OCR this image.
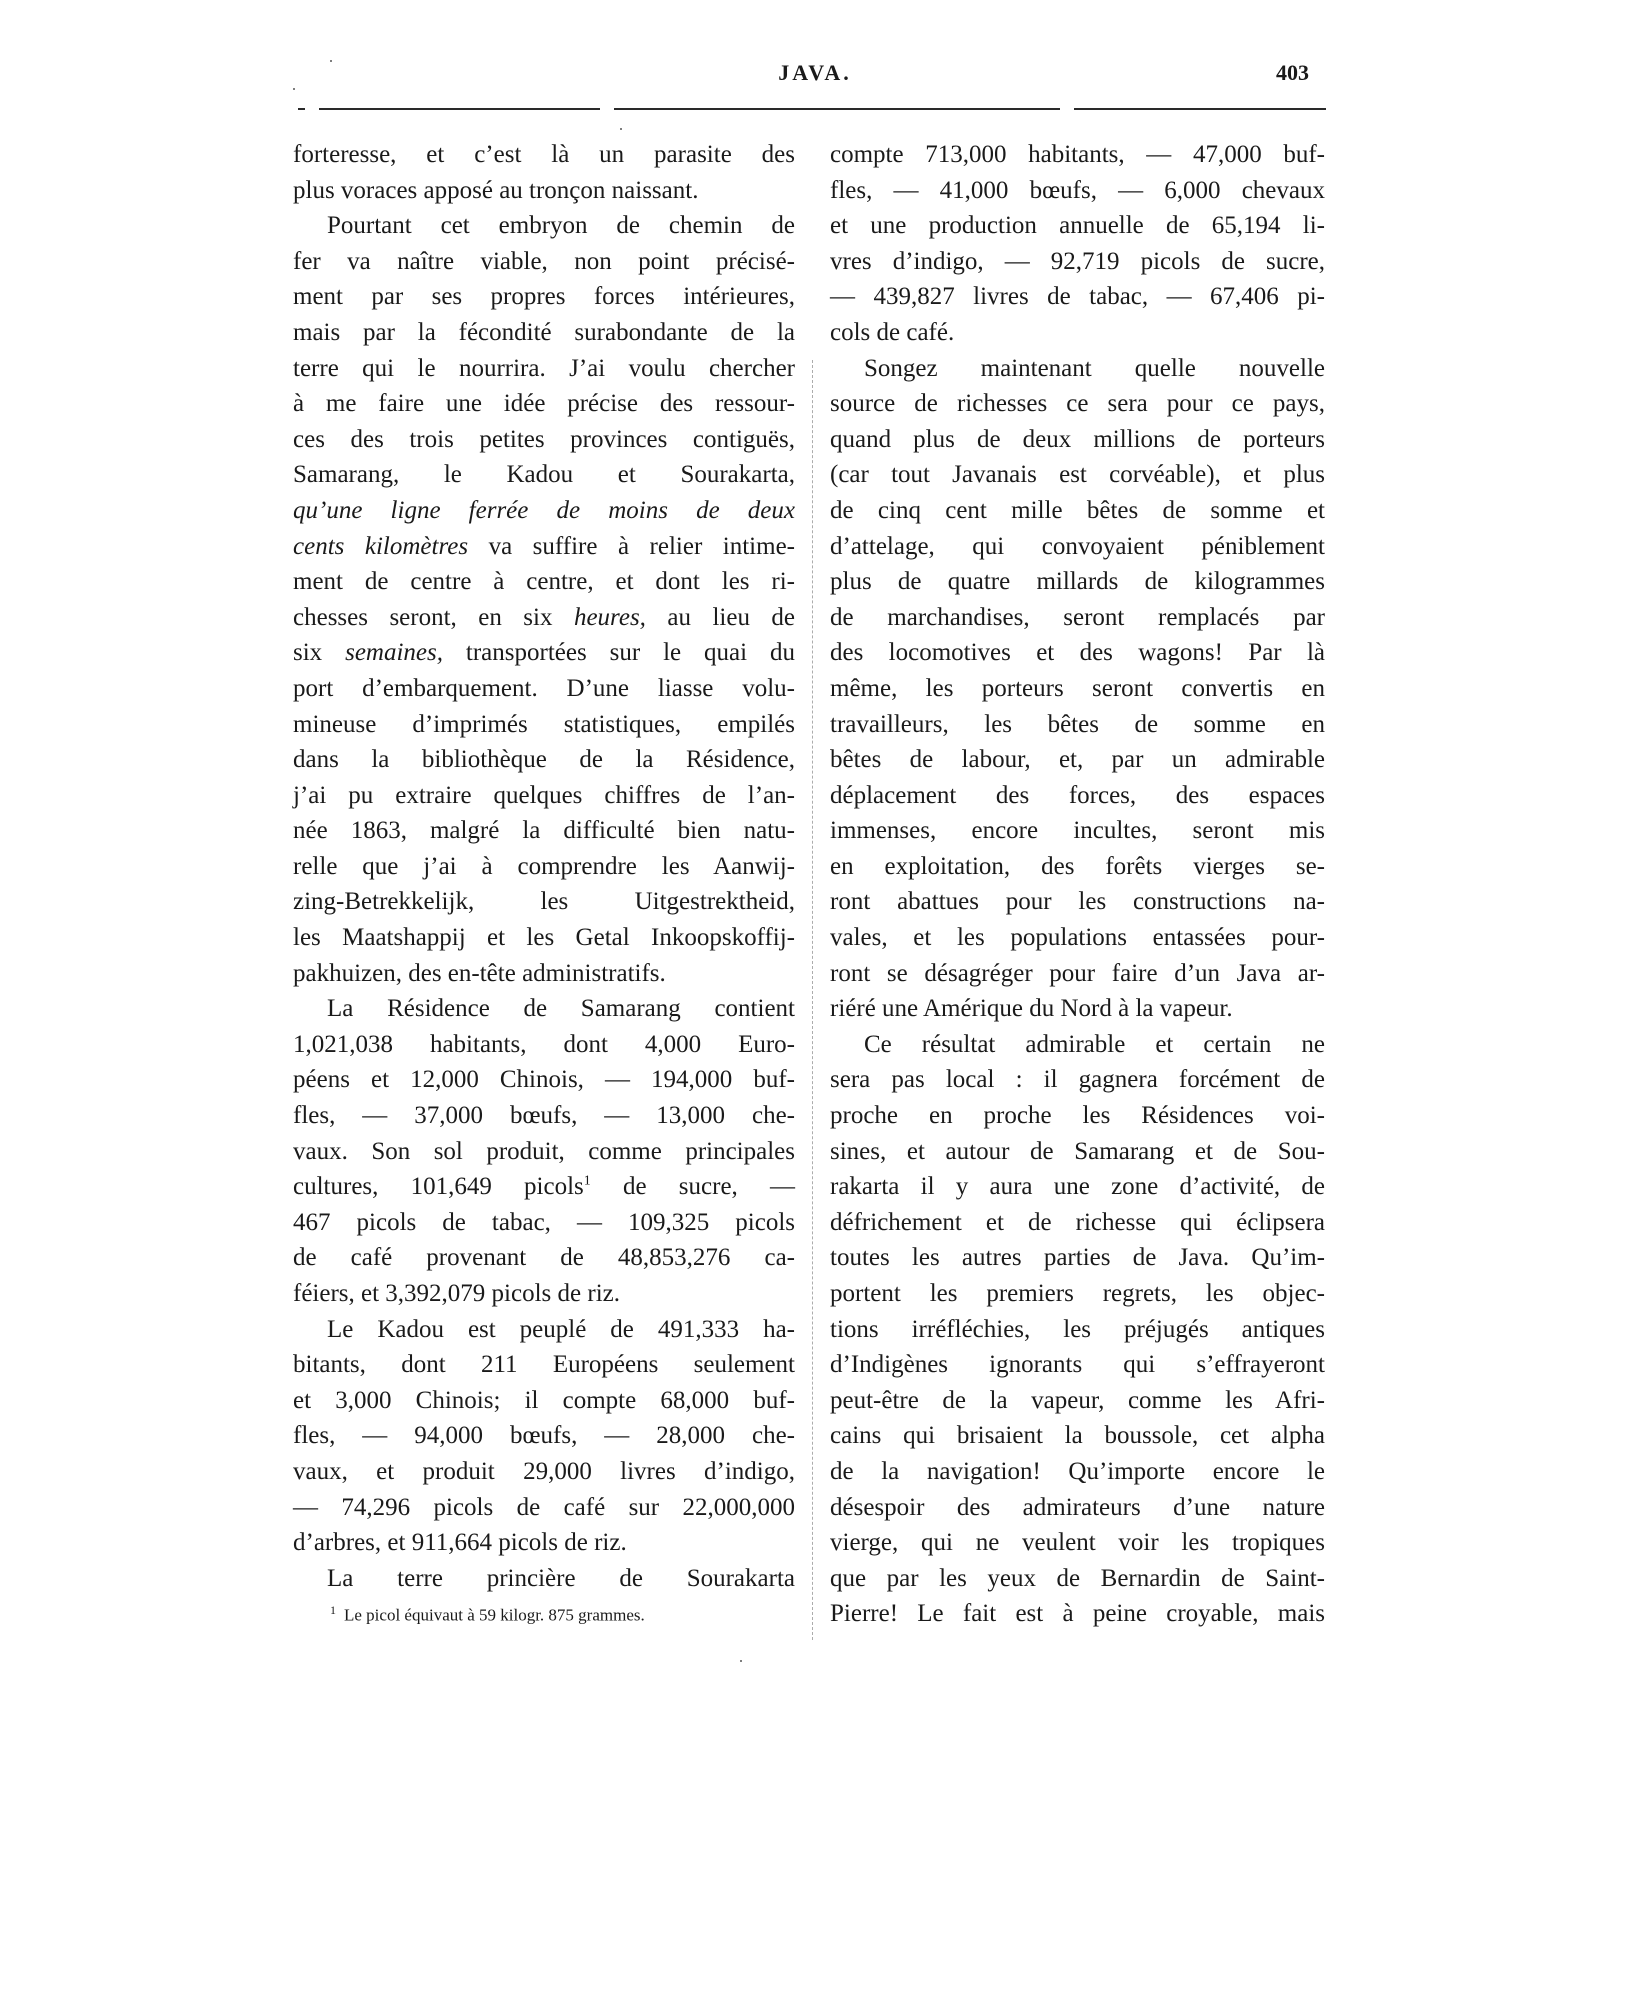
JAVA.	403
forteresse, et c’est là un parasite des
plus voraces apposé au tronçon naissant.
Pourtant cet embryon de chemin de
fer va naître viable, non point précisé-
ment par ses propres forces intérieures,
mais par la fécondité surabondante de la
terre qui le nourrira. J’ai voulu chercher
à me faire une idée précise des ressour-
ces des trois petites provinces contiguës,
Samarang, le Kadou et Sourakarta,
qu’une ligne ferrée de moins de deux
cents kilomètres va suffire à relier intime-
ment de centre à centre, et dont les ri-
chesses seront, en six heures, au lieu de
six semaines, transportées sur le quai du
port d’embarquement. D’une liasse volu-
mineuse d’imprimés statistiques, empilés
dans la bibliothèque de la Résidence,
j’ai pu extraire quelques chiffres de l’an-
née 1863, malgré la difficulté bien natu-
relle que j’ai à comprendre les Aanwij-
zing-Betrekkelijk, les Uitgestrektheid,
les Maatshappij et les Getal Inkoopskoffij-
pakhuizen, des en-tête administratifs.
La Résidence de Samarang contient
1,021,038 habitants, dont 4,000 Euro-
péens et 12,000 Chinois, — 194,000 buf-
fles, — 37,000 bœufs, — 13,000 che-
vaux. Son sol produit, comme principales
cultures, 101,649 picols$^1$ de sucre, —
467 picols de tabac, — 109,325 picols
de café provenant de 48,853,276 ca-
féiers, et 3,392,079 picols de riz.
Le Kadou est peuplé de 491,333 ha-
bitants, dont 211 Européens seulement
et 3,000 Chinois; il compte 68,000 buf-
fles, — 94,000 bœufs, — 28,000 che-
vaux, et produit 29,000 livres d’indigo,
— 74,296 picols de café sur 22,000,000
d’arbres, et 911,664 picols de riz.
La terre princière de Sourakarta
compte 713,000 habitants, — 47,000 buf-
fles, — 41,000 bœufs, — 6,000 chevaux
et une production annuelle de 65,194 li-
vres d’indigo, — 92,719 picols de sucre,
— 439,827 livres de tabac, — 67,406 pi-
cols de café.
Songez maintenant quelle nouvelle
source de richesses ce sera pour ce pays,
quand plus de deux millions de porteurs
(car tout Javanais est corvéable), et plus
de cinq cent mille bêtes de somme et
d’attelage, qui convoyaient péniblement
plus de quatre millards de kilogrammes
de marchandises, seront remplacés par
des locomotives et des wagons! Par là
même, les porteurs seront convertis en
travailleurs, les bêtes de somme en
bêtes de labour, et, par un admirable
déplacement des forces, des espaces
immenses, encore incultes, seront mis
en exploitation, des forêts vierges se-
ront abattues pour les constructions na-
vales, et les populations entassées pour-
ront se désagréger pour faire d’un Java ar-
riéré une Amérique du Nord à la vapeur.
Ce résultat admirable et certain ne
sera pas local : il gagnera forcément de
proche en proche les Résidences voi-
sines, et autour de Samarang et de Sou-
rakarta il y aura une zone d’activité, de
défrichement et de richesse qui éclipsera
toutes les autres parties de Java. Qu’im-
portent les premiers regrets, les objec-
tions irréfléchies, les préjugés antiques
d’Indigènes ignorants qui s’effrayeront
peut-être de la vapeur, comme les Afri-
cains qui brisaient la boussole, cet alpha
de la navigation! Qu’importe encore le
désespoir des admirateurs d’une nature
vierge, qui ne veulent voir les tropiques
que par les yeux de Bernardin de Saint-
Pierre! Le fait est à peine croyable, mais
$^1$ Le picol équivaut à 59 kilogr. 875 grammes.
